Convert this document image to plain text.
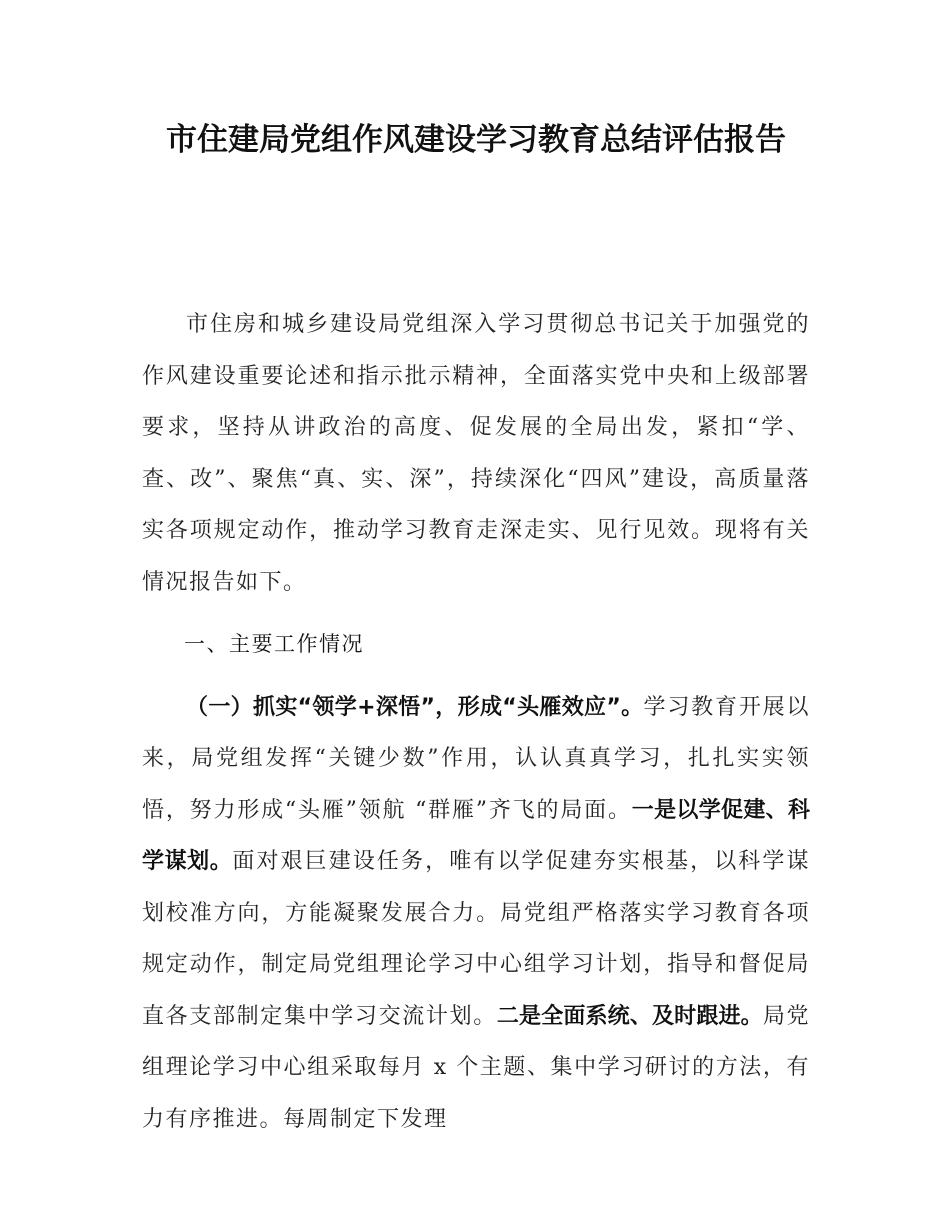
市住建局党组作风建设学习教育总结评估报告

市住房和城乡建设局党组深入学习贯彻总书记关于加强党的作风建设重要论述和指示批示精神，全面落实党中央和上级部署要求，坚持从讲政治的高度、促发展的全局出发，紧扣“学、查、改”、聚焦“真、实、深”，持续深化“四风”建设，高质量落实各项规定动作，推动学习教育走深走实、见行见效。现将有关情况报告如下。

一、主要工作情况

（一）抓实“领学+深悟”，形成“头雁效应”。学习教育开展以来，局党组发挥“关键少数”作用，认认真真学习，扎扎实实领悟，努力形成“头雁”领航 “群雁”齐飞的局面。一是以学促建、科学谋划。面对艰巨建设任务，唯有以学促建夯实根基，以科学谋划校准方向，方能凝聚发展合力。局党组严格落实学习教育各项规定动作，制定局党组理论学习中心组学习计划，指导和督促局直各支部制定集中学习交流计划。二是全面系统、及时跟进。局党组理论学习中心组采取每月 x 个主题、集中学习研讨的方法，有力有序推进。每周制定下发理
